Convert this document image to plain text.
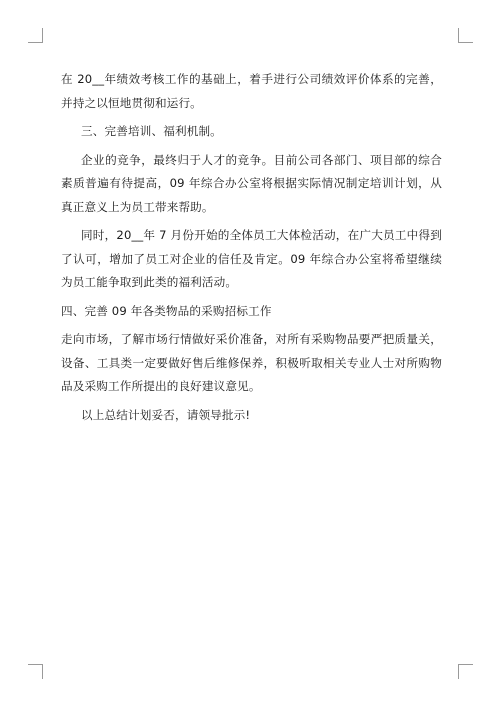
在 20__年绩效考核工作的基础上，着手进行公司绩效评价体系的完善，并持之以恒地贯彻和运行。

三、完善培训、福利机制。

企业的竞争，最终归于人才的竞争。目前公司各部门、项目部的综合素质普遍有待提高，09 年综合办公室将根据实际情况制定培训计划，从真正意义上为员工带来帮助。

同时，20__年 7 月份开始的全体员工大体检活动，在广大员工中得到了认可，增加了员工对企业的信任及肯定。09 年综合办公室将希望继续为员工能争取到此类的福利活动。

四、完善 09 年各类物品的采购招标工作

走向市场，了解市场行情做好采价准备，对所有采购物品要严把质量关，设备、工具类一定要做好售后维修保养，积极听取相关专业人士对所购物品及采购工作所提出的良好建议意见。

以上总结计划妥否，请领导批示!
